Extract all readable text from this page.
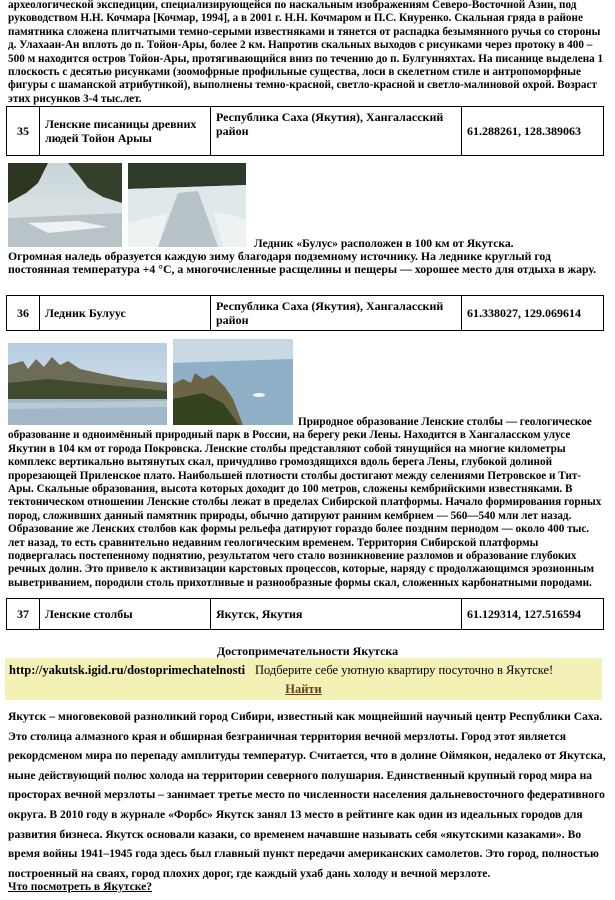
археологической экспедиции, специализирующейся по наскальным изображениям Северо-Восточной Азии, под руководством Н.Н. Кочмара [Кочмар, 1994], а в 2001 г. Н.Н. Кочмаром и П.С. Кнуренко. Скальная гряда в районе памятника сложена плитчатыми темно-серыми известняками и тянется от распадка безымянного ручья со стороны д. Улахаан-Ан вплоть до п. Тойон-Ары, более 2 км. Напротив скальных выходов с рисунками через протоку в 400 – 500 м находится остров Тойон-Ары, протягивающийся вниз по течению до п. Булгунняхтах. На писанице выделена 1 плоскость с десятью рисунками (зоомофрные профильные существа, лоси в скелетном стиле и антропоморфные фигуры с шаманской атрибутикой), выполнены темно-красной, светло-красной и светло-малиновой охрой. Возраст этих рисунков 3-4 тыс.лет.
35	Ленские писаницы древних людей Тойон Арыы	Республика Саха (Якутия), Хангаласский район	61.288261, 128.389063
Ледник «Булус» расположен в 100 км от Якутска.
Огромная наледь образуется каждую зиму благодаря подземному источнику. На леднике круглый год постоянная температура +4 °C, а многочисленные расщелины и пещеры — хорошее место для отдыха в жару.
36	Ледник Булуус	Республика Саха (Якутия), Хангаласский район	61.338027, 129.069614
Природное образование Ленские столбы — геологическое образование и одноимённый природный парк в России, на берегу реки Лены. Находится в Хангаласском улусе Якутии в 104 км от города Покровска. Ленские столбы представляют собой тянущийся на многие километры комплекс вертикально вытянутых скал, причудливо громоздящихся вдоль берега Лены, глубокой долиной прорезающей Приленское плато. Наибольшей плотности столбы достигают между селениями Петровское и Тит-Ары. Скальные образования, высота которых доходит до 100 метров, сложены кембрийскими известняками. В тектоническом отношении Ленские столбы лежат в пределах Сибирской платформы. Начало формирования горных пород, сложивших данный памятник природы, обычно датируют ранним кембрием — 560—540 млн лет назад. Образование же Ленских столбов как формы рельефа датируют гораздо более поздним периодом — около 400 тыс. лет назад, то есть сравнительно недавним геологическим временем. Территория Сибирской платформы подвергалась постепенному поднятию, результатом чего стало возникновение разломов и образование глубоких речных долин. Это привело к активизации карстовых процессов, которые, наряду с продолжающимся эрозионным выветриванием, породили столь прихотливые и разнообразные формы скал, сложенных карбонатными породами.
37	Ленские столбы	Якутск, Якутия	61.129314, 127.516594
Достопримечательности Якутска
http://yakutsk.igid.ru/dostoprimechatelnosti Подберите себе уютную квартиру посуточно в Якутске!
Найти
Якутск – многовековой разноликий город Сибири, известный как мощнейший научный центр Республики Саха. Это столица алмазного края и обширная безграничная территория вечной мерзлоты. Город этот является рекордсменом мира по перепаду амплитуды температур. Считается, что в долине Оймякон, недалеко от Якутска, ныне действующий полюс холода на территории северного полушария. Единственный крупный город мира на просторах вечной мерзлоты – занимает третье место по численности населения дальневосточного федеративного округа. В 2010 году в журнале «Форбс» Якутск занял 13 место в рейтинге как один из идеальных городов для развития бизнеса. Якутск основали казаки, со временем начавшие называть себя «якутскими казаками». Во время войны 1941–1945 года здесь был главный пункт передачи американских самолетов. Это город, полностью построенный на сваях, город плохих дорог, где каждый ухаб дань холоду и вечной мерзлоте.
Что посмотреть в Якутске?
